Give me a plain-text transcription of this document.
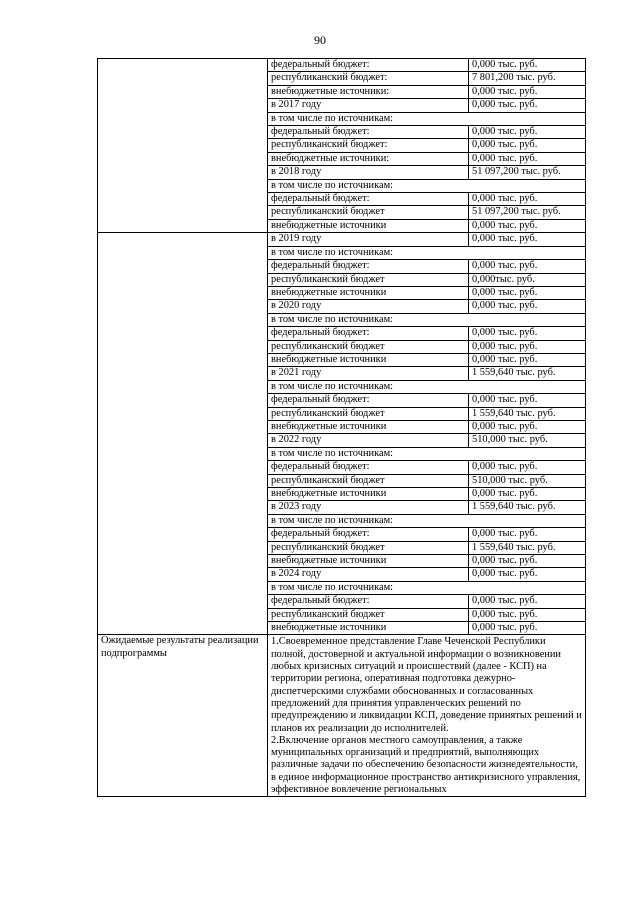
90
	федеральный бюджет:	0,000 тыс. руб.
	республиканский бюджет:	7 801,200 тыс. руб.
	внебюджетные источники:	0,000 тыс. руб.
	в 2017 году	0,000 тыс. руб.
	в том числе по источникам:	
	федеральный бюджет:	0,000 тыс. руб.
	республиканский бюджет:	0,000 тыс. руб.
	внебюджетные источники:	0,000 тыс. руб.
	в 2018 году	51 097,200 тыс. руб.
	в том числе по источникам:	
	федеральный бюджет:	0,000 тыс. руб.
	республиканский бюджет	51 097,200 тыс. руб.
	внебюджетные источники	0,000 тыс. руб.
	в 2019 году	0,000 тыс. руб.
	в том числе по источникам:	
	федеральный бюджет:	0,000 тыс. руб.
	республиканский бюджет	0,000тыс. руб.
	внебюджетные источники	0,000 тыс. руб.
	в 2020 году	0,000 тыс. руб.
	в том числе по источникам:	
	федеральный бюджет:	0,000 тыс. руб.
	республиканский бюджет	0,000 тыс. руб.
	внебюджетные источники	0,000 тыс. руб.
	в 2021 году	1 559,640 тыс. руб.
	в том числе по источникам:	
	федеральный бюджет:	0,000 тыс. руб.
	республиканский бюджет	1 559,640 тыс. руб.
	внебюджетные источники	0,000 тыс. руб.
	в 2022 году	510,000 тыс. руб.
	в том числе по источникам:	
	федеральный бюджет:	0,000 тыс. руб.
	республиканский бюджет	510,000 тыс. руб.
	внебюджетные источники	0,000 тыс. руб.
	в 2023 году	1 559,640 тыс. руб.
	в том числе по источникам:	
	федеральный бюджет:	0,000 тыс. руб.
	республиканский бюджет	1 559,640 тыс. руб.
	внебюджетные источники	0,000 тыс. руб.
	в 2024 году	0,000 тыс. руб.
	в том числе по источникам:	
	федеральный бюджет:	0,000 тыс. руб.
	республиканский бюджет	0,000 тыс. руб.
	внебюджетные источники	0,000 тыс. руб.
Ожидаемые результаты реализации подпрограммы	1.Своевременное представление Главе Чеченской Республики полной, достоверной и актуальной информации о возникновении любых кризисных ситуаций и происшествий (далее - КСП) на территории региона, оперативная подготовка дежурно-диспетчерскими службами обоснованных и согласованных предложений для принятия управленческих решений по предупреждению и ликвидации КСП, доведение принятых решений и планов их реализации до исполнителей.

2.Включение органов местного самоуправления, а также муниципальных организаций и предприятий, выполняющих различные задачи по обеспечению безопасности жизнедеятельности, в единое информационное пространство антикризисного управления, эффективное вовлечение региональных	
